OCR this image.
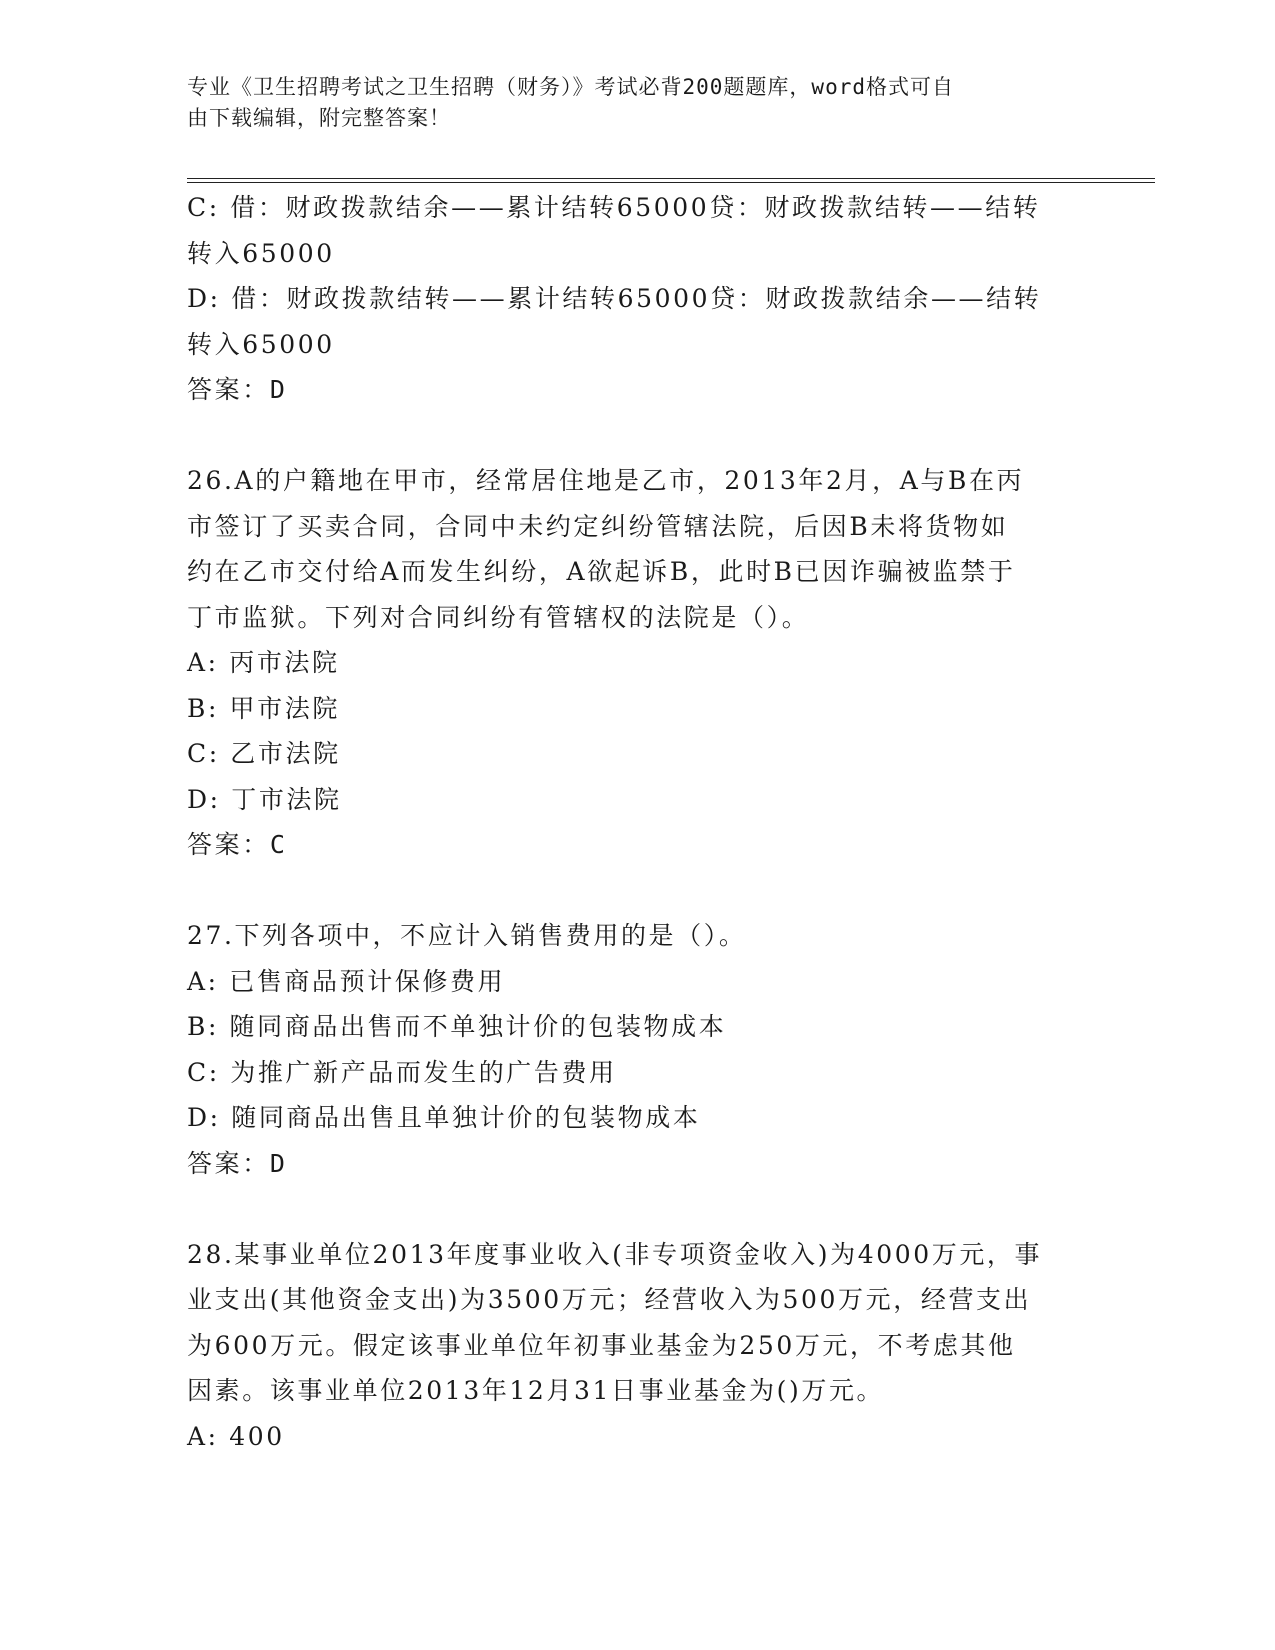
专业《卫生招聘考试之卫生招聘（财务）》考试必背200题题库，word格式可自
由下载编辑，附完整答案！
C: 借：财政拨款结余——累计结转65000贷：财政拨款结转——结转
转入65000
D: 借：财政拨款结转——累计结转65000贷：财政拨款结余——结转
转入65000
答案：D
26.A的户籍地在甲市，经常居住地是乙市，2013年2月，A与B在丙
市签订了买卖合同，合同中未约定纠纷管辖法院，后因B未将货物如
约在乙市交付给A而发生纠纷，A欲起诉B，此时B已因诈骗被监禁于
丁市监狱。下列对合同纠纷有管辖权的法院是（）。
A: 丙市法院
B: 甲市法院
C: 乙市法院
D: 丁市法院
答案：C
27.下列各项中，不应计入销售费用的是（）。
A: 已售商品预计保修费用
B: 随同商品出售而不单独计价的包装物成本
C: 为推广新产品而发生的广告费用
D: 随同商品出售且单独计价的包装物成本
答案：D
28.某事业单位2013年度事业收入(非专项资金收入)为4000万元，事
业支出(其他资金支出)为3500万元；经营收入为500万元，经营支出
为600万元。假定该事业单位年初事业基金为250万元，不考虑其他
因素。该事业单位2013年12月31日事业基金为()万元。
A: 400
